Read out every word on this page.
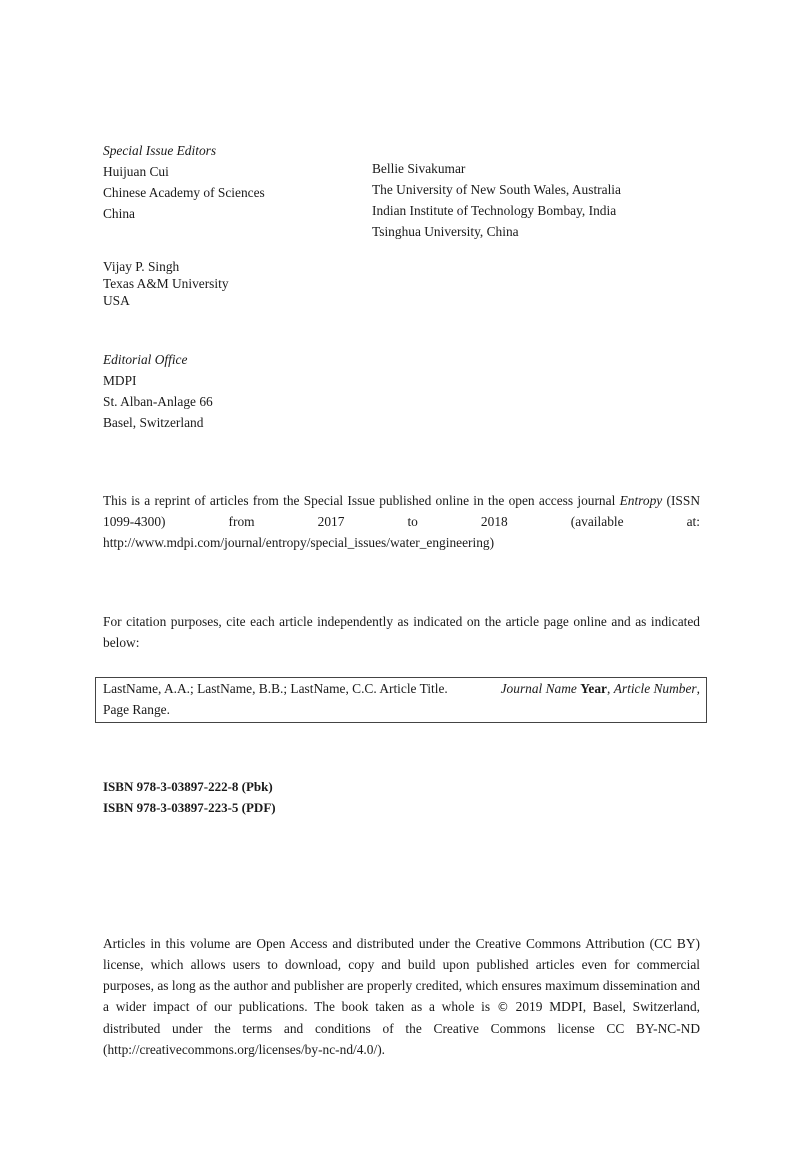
Special Issue Editors
Huijuan Cui
Chinese Academy of Sciences
China
Bellie Sivakumar
The University of New South Wales, Australia
Indian Institute of Technology Bombay, India
Tsinghua University, China
Vijay P. Singh
Texas A&M University
USA
Editorial Office
MDPI
St. Alban-Anlage 66
Basel, Switzerland
This is a reprint of articles from the Special Issue published online in the open access journal Entropy (ISSN 1099-4300) from 2017 to 2018 (available at: http://www.mdpi.com/journal/entropy/special_issues/water_engineering)
For citation purposes, cite each article independently as indicated on the article page online and as indicated below:
LastName, A.A.; LastName, B.B.; LastName, C.C. Article Title.	Journal Name Year, Article Number,
Page Range.
ISBN 978-3-03897-222-8 (Pbk)
ISBN 978-3-03897-223-5 (PDF)
Articles in this volume are Open Access and distributed under the Creative Commons Attribution (CC BY) license, which allows users to download, copy and build upon published articles even for commercial purposes, as long as the author and publisher are properly credited, which ensures maximum dissemination and a wider impact of our publications. The book taken as a whole is © 2019 MDPI, Basel, Switzerland, distributed under the terms and conditions of the Creative Commons license CC BY-NC-ND (http://creativecommons.org/licenses/by-nc-nd/4.0/).
